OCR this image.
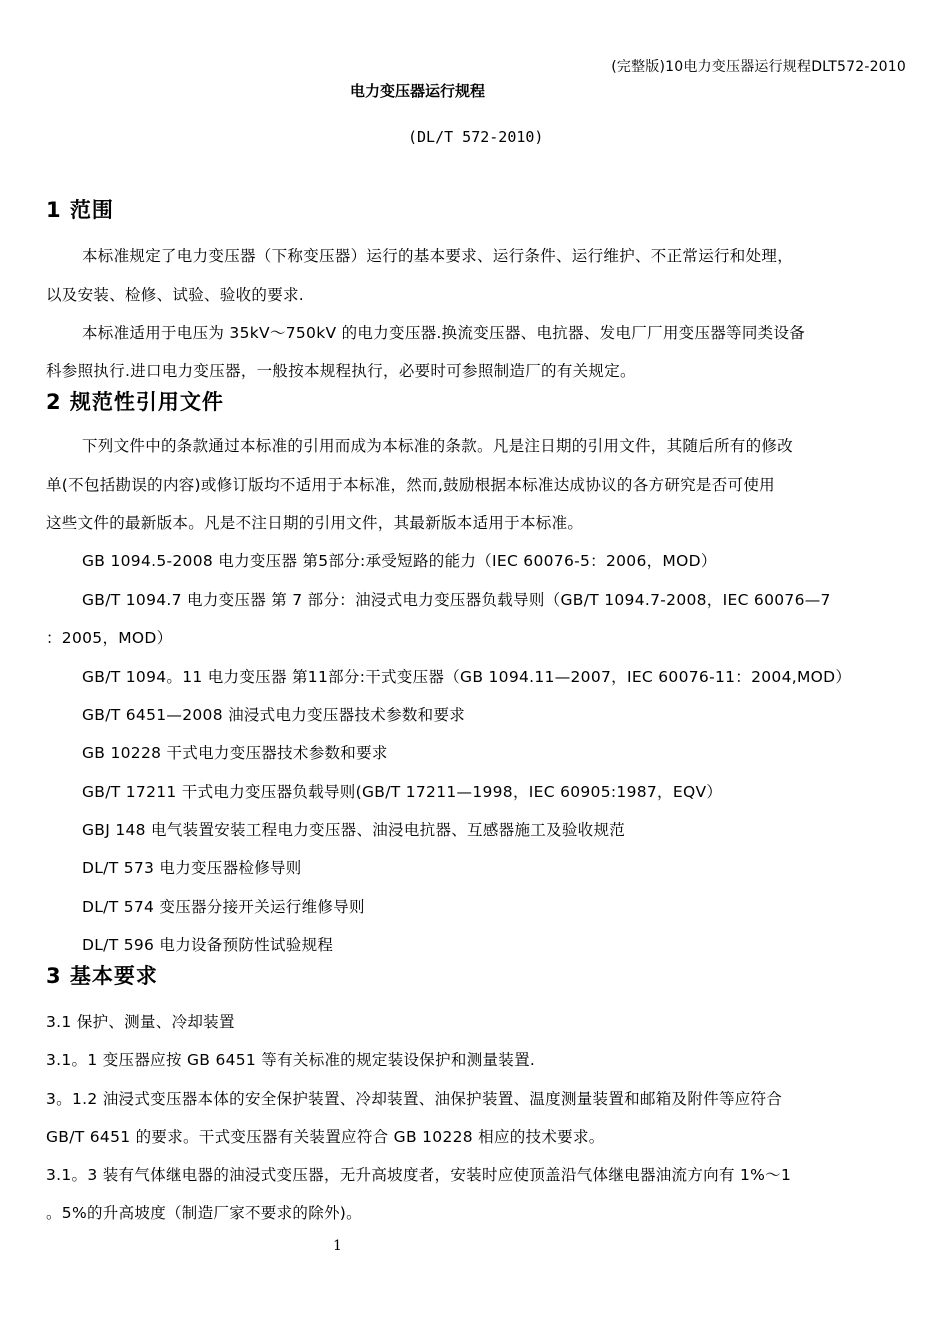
(完整版)10电力变压器运行规程DLT572-2010
电力变压器运行规程
(DL/T 572-2010)
1 范围
本标准规定了电力变压器（下称变压器）运行的基本要求、运行条件、运行维护、不正常运行和处理，
以及安装、检修、试验、验收的要求.
本标准适用于电压为 35kV～750kV 的电力变压器.换流变压器、电抗器、发电厂厂用变压器等同类设备
科参照执行.进口电力变压器，一般按本规程执行，必要时可参照制造厂的有关规定。
2 规范性引用文件
下列文件中的条款通过本标准的引用而成为本标准的条款。凡是注日期的引用文件，其随后所有的修改
单(不包括勘误的内容)或修订版均不适用于本标准，然而,鼓励根据本标准达成协议的各方研究是否可使用
这些文件的最新版本。凡是不注日期的引用文件，其最新版本适用于本标准。
GB 1094.5-2008 电力变压器 第5部分:承受短路的能力（IEC 60076-5：2006，MOD）
GB/T 1094.7 电力变压器 第 7 部分：油浸式电力变压器负载导则（GB/T 1094.7-2008，IEC 60076—7
：2005，MOD）
GB/T 1094。11 电力变压器 第11部分:干式变压器（GB 1094.11—2007，IEC 60076-11：2004,MOD）
GB/T 6451—2008 油浸式电力变压器技术参数和要求
GB 10228 干式电力变压器技术参数和要求
GB/T 17211 干式电力变压器负载导则(GB/T 17211—1998，IEC 60905:1987，EQV）
GBJ 148 电气装置安装工程电力变压器、油浸电抗器、互感器施工及验收规范
DL/T 573 电力变压器检修导则
DL/T 574 变压器分接开关运行维修导则
DL/T 596 电力设备预防性试验规程
3 基本要求
3.1 保护、测量、冷却装置
3.1。1 变压器应按 GB 6451 等有关标准的规定装设保护和测量装置.
3。1.2 油浸式变压器本体的安全保护装置、冷却装置、油保护装置、温度测量装置和邮箱及附件等应符合
GB/T 6451 的要求。干式变压器有关装置应符合 GB 10228 相应的技术要求。
3.1。3 装有气体继电器的油浸式变压器，无升高坡度者，安装时应使顶盖沿气体继电器油流方向有 1%～1
。5%的升高坡度（制造厂家不要求的除外)。
1
